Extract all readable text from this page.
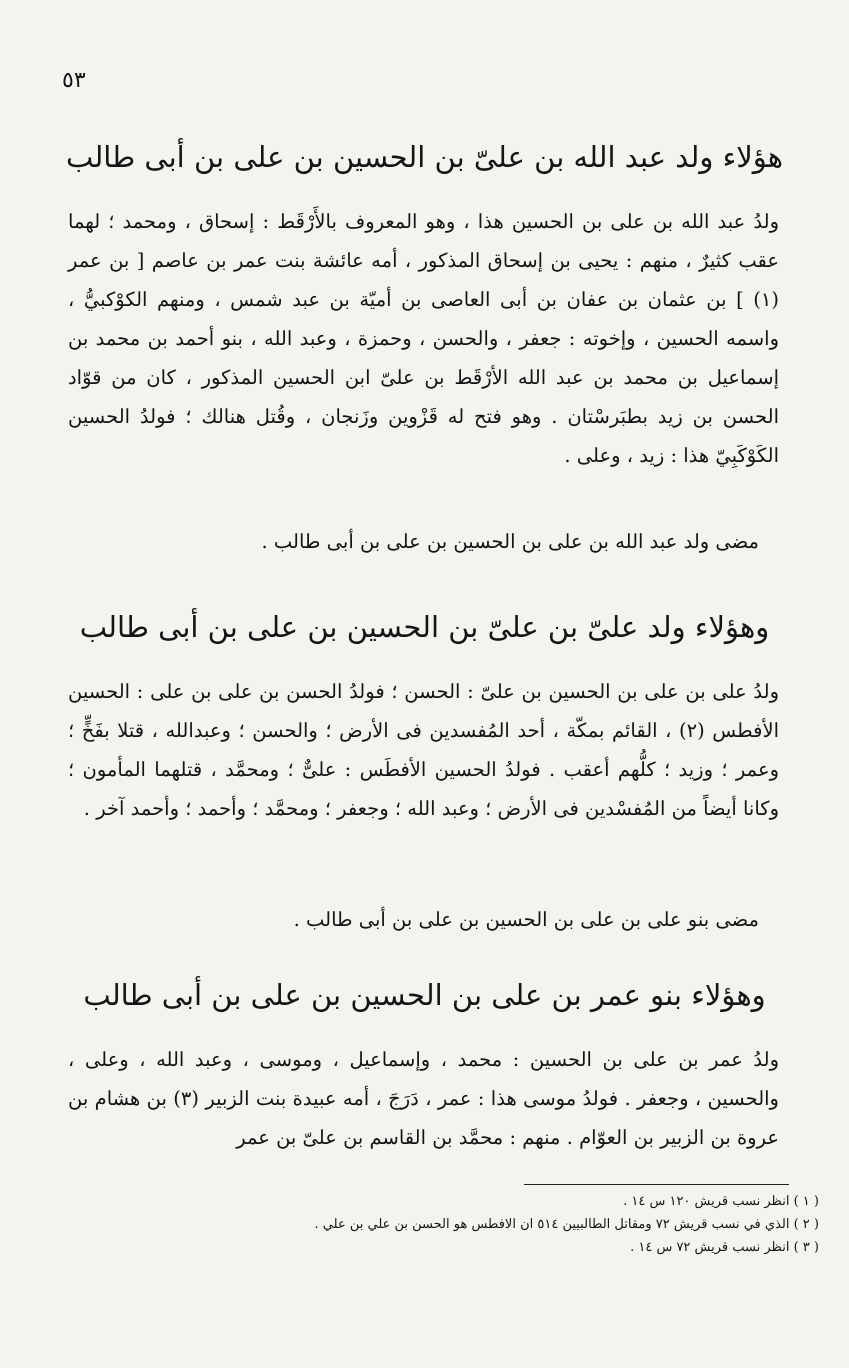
٥٣
هؤلاء ولد عبد الله بن علىّ بن الحسين بن على بن أبى طالب
ولدُ عبد الله بن على بن الحسين هذا ، وهو المعروف بالأَرْقَط : إسحاق ، ومحمد ؛ لهما عقب كثيرٌ ، منهم : يحيى بن إسحاق المذكور ، أمه عائشة بنت عمر بن عاصم [ بن عمر (١) ] بن عثمان بن عفان بن أبى العاصى بن أميّة بن عبد شمس ، ومنهم الكوْكبيُّ ، واسمه الحسين ، وإخوته : جعفر ، والحسن ، وحمزة ، وعبد الله ، بنو أحمد بن محمد بن إسماعيل بن محمد بن عبد الله الأرْقَط بن علىّ ابن الحسين المذكور ، كان من قوّاد الحسن بن زيد بطبَرسْتان . وهو فتح له قَزْوين وزَنجان ، وقُتل هنالك ؛ فولدُ الحسين الكَوْكَبِيّ هذا : زيد ، وعلى .
مضى ولد عبد الله بن على بن الحسين بن على بن أبى طالب .
وهؤلاء ولد علىّ بن علىّ بن الحسين بن على بن أبى طالب
ولدُ على بن على بن الحسين بن علىّ : الحسن ؛ فولدُ الحسن بن على بن على : الحسين الأفطس (٢) ، القائم بمكّة ، أحد المُفسدين فى الأرض ؛ والحسن ؛ وعبدالله ، قتلا بفَخٍّ ؛ وعمر ؛ وزيد ؛ كلُّهم أعقب . فولدُ الحسين الأفطَس : علىٌّ ؛ ومحمَّد ، قتلهما المأمون ؛ وكانا أيضاً من المُفسْدين فى الأرض ؛ وعبد الله ؛ وجعفر ؛ ومحمَّد ؛ وأحمد ؛ وأحمد آخر .
مضى بنو على بن على بن الحسين بن على بن أبى طالب .
وهؤلاء بنو عمر بن على بن الحسين بن على بن أبى طالب
ولدُ عمر بن على بن الحسين : محمد ، وإسماعيل ، وموسى ، وعبد الله ، وعلى ، والحسين ، وجعفر . فولدُ موسى هذا : عمر ، دَرَجَ ، أمه عبيدة بنت الزبير (٣) بن هشام بن عروة بن الزبير بن العوّام . منهم : محمَّد بن القاسم بن علىّ بن عمر
( ١ ) انظر نسب قريش ١٢٠ س ١٤ .
( ٢ ) الذي في نسب قريش ٧٢ ومقاتل الطالبيين ٥١٤ ان الافطس هو الحسن بن علي بن علي .
( ٣ ) انظر نسب قريش ٧٢ س ١٤ .
